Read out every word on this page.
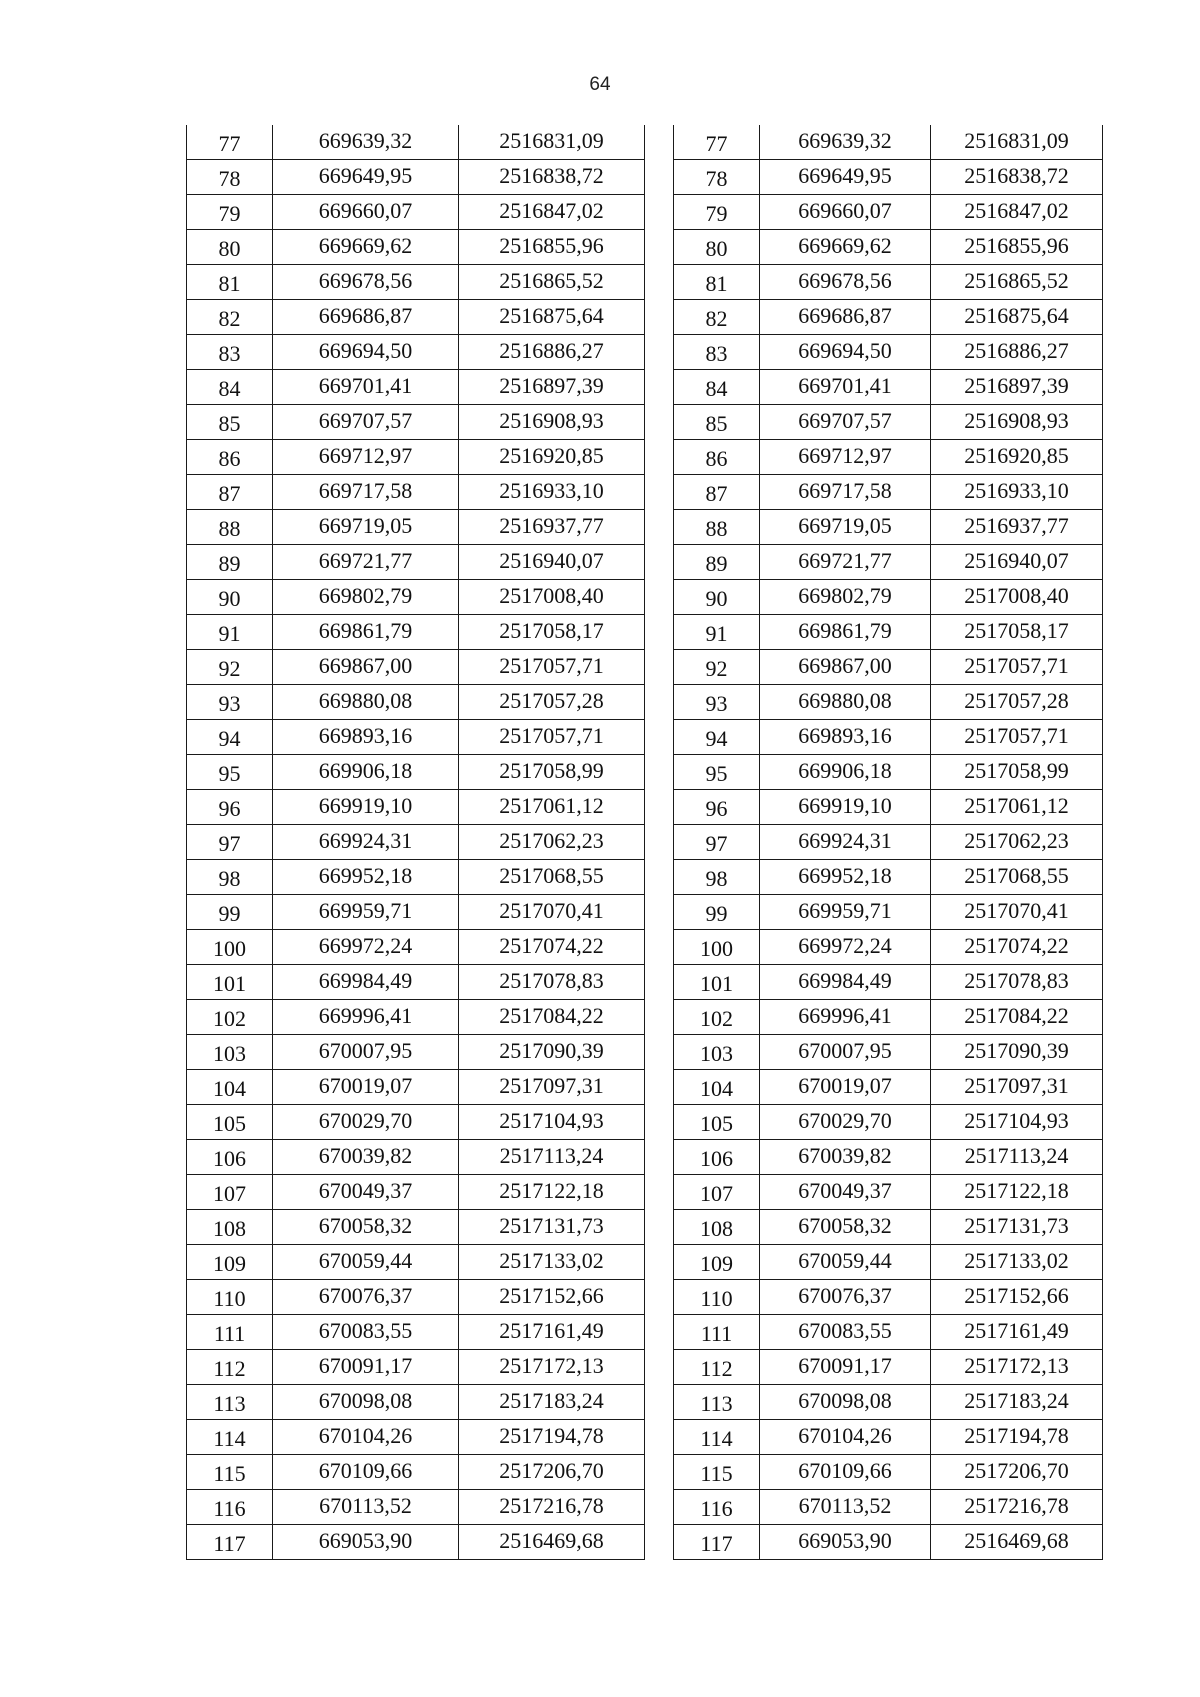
64
77	669639,32	2516831,09
78	669649,95	2516838,72
79	669660,07	2516847,02
80	669669,62	2516855,96
81	669678,56	2516865,52
82	669686,87	2516875,64
83	669694,50	2516886,27
84	669701,41	2516897,39
85	669707,57	2516908,93
86	669712,97	2516920,85
87	669717,58	2516933,10
88	669719,05	2516937,77
89	669721,77	2516940,07
90	669802,79	2517008,40
91	669861,79	2517058,17
92	669867,00	2517057,71
93	669880,08	2517057,28
94	669893,16	2517057,71
95	669906,18	2517058,99
96	669919,10	2517061,12
97	669924,31	2517062,23
98	669952,18	2517068,55
99	669959,71	2517070,41
100	669972,24	2517074,22
101	669984,49	2517078,83
102	669996,41	2517084,22
103	670007,95	2517090,39
104	670019,07	2517097,31
105	670029,70	2517104,93
106	670039,82	2517113,24
107	670049,37	2517122,18
108	670058,32	2517131,73
109	670059,44	2517133,02
110	670076,37	2517152,66
111	670083,55	2517161,49
112	670091,17	2517172,13
113	670098,08	2517183,24
114	670104,26	2517194,78
115	670109,66	2517206,70
116	670113,52	2517216,78
117	669053,90	2516469,68
77	669639,32	2516831,09
78	669649,95	2516838,72
79	669660,07	2516847,02
80	669669,62	2516855,96
81	669678,56	2516865,52
82	669686,87	2516875,64
83	669694,50	2516886,27
84	669701,41	2516897,39
85	669707,57	2516908,93
86	669712,97	2516920,85
87	669717,58	2516933,10
88	669719,05	2516937,77
89	669721,77	2516940,07
90	669802,79	2517008,40
91	669861,79	2517058,17
92	669867,00	2517057,71
93	669880,08	2517057,28
94	669893,16	2517057,71
95	669906,18	2517058,99
96	669919,10	2517061,12
97	669924,31	2517062,23
98	669952,18	2517068,55
99	669959,71	2517070,41
100	669972,24	2517074,22
101	669984,49	2517078,83
102	669996,41	2517084,22
103	670007,95	2517090,39
104	670019,07	2517097,31
105	670029,70	2517104,93
106	670039,82	2517113,24
107	670049,37	2517122,18
108	670058,32	2517131,73
109	670059,44	2517133,02
110	670076,37	2517152,66
111	670083,55	2517161,49
112	670091,17	2517172,13
113	670098,08	2517183,24
114	670104,26	2517194,78
115	670109,66	2517206,70
116	670113,52	2517216,78
117	669053,90	2516469,68
